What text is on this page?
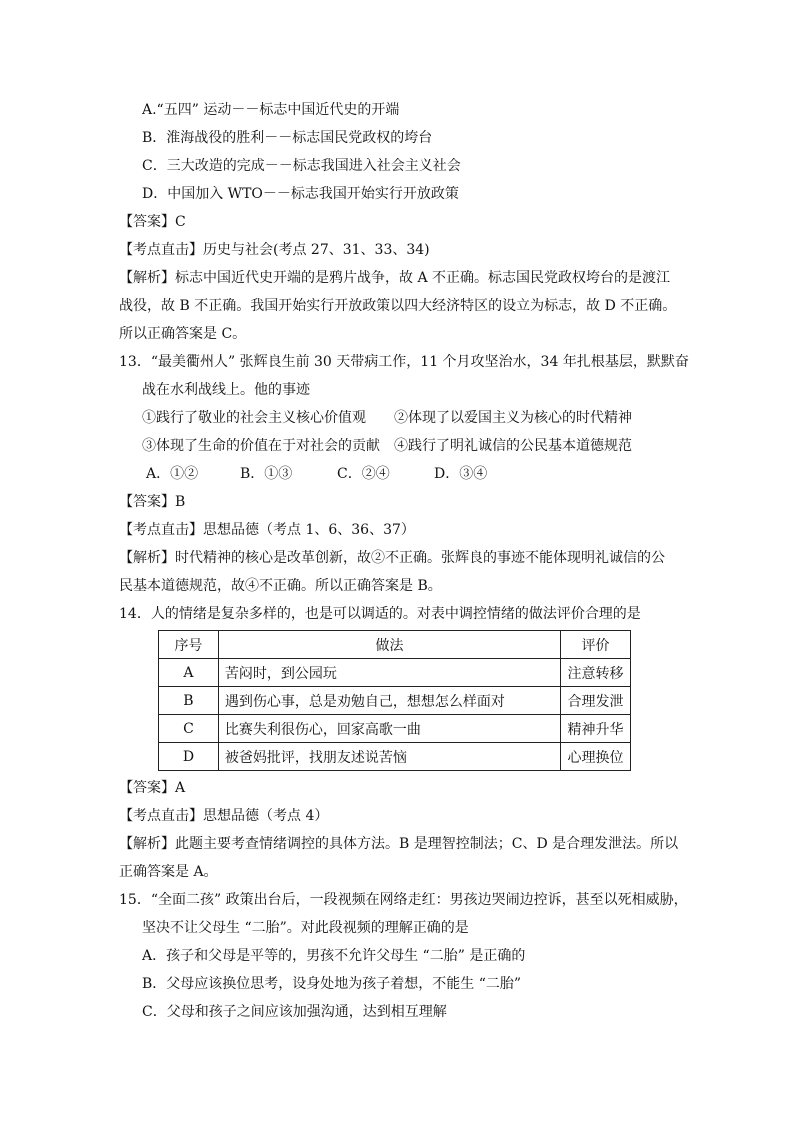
A.“五四” 运动－－标志中国近代史的开端
B．淮海战役的胜利－－标志国民党政权的垮台
C．三大改造的完成－－标志我国进入社会主义社会
D．中国加入 WTO－－标志我国开始实行开放政策
【答案】C
【考点直击】历史与社会(考点 27、31、33、34)
【解析】标志中国近代史开端的是鸦片战争，故 A 不正确。标志国民党政权垮台的是渡江
战役，故 B 不正确。我国开始实行开放政策以四大经济特区的设立为标志，故 D 不正确。
所以正确答案是 C。
13．“最美衢州人” 张辉良生前 30 天带病工作，11 个月攻坚治水，34 年扎根基层，默默奋
战在水利战线上。他的事迹
①践行了敬业的社会主义核心价值观　　②体现了以爱国主义为核心的时代精神
③体现了生命的价值在于对社会的贡献　④践行了明礼诚信的公民基本道德规范
A．①②	B．①③	C．②④	D．③④
【答案】B
【考点直击】思想品德（考点 1、6、36、37）
【解析】时代精神的核心是改革创新，故②不正确。张辉良的事迹不能体现明礼诚信的公
民基本道德规范，故④不正确。所以正确答案是 B。
14．人的情绪是复杂多样的，也是可以调适的。对表中调控情绪的做法评价合理的是
序号	做法	评价
A	苦闷时，到公园玩	注意转移
B	遇到伤心事，总是劝勉自己，想想怎么样面对	合理发泄
C	比赛失利很伤心，回家高歌一曲	精神升华
D	被爸妈批评，找朋友述说苦恼	心理换位
【答案】A
【考点直击】思想品德（考点 4）
【解析】此题主要考查情绪调控的具体方法。B 是理智控制法；C、D 是合理发泄法。所以
正确答案是 A。
15．“全面二孩” 政策出台后，一段视频在网络走红：男孩边哭闹边控诉，甚至以死相威胁，
坚决不让父母生 “二胎”。对此段视频的理解正确的是
A．孩子和父母是平等的，男孩不允许父母生 “二胎” 是正确的
B．父母应该换位思考，设身处地为孩子着想，不能生 “二胎”
C．父母和孩子之间应该加强沟通，达到相互理解
